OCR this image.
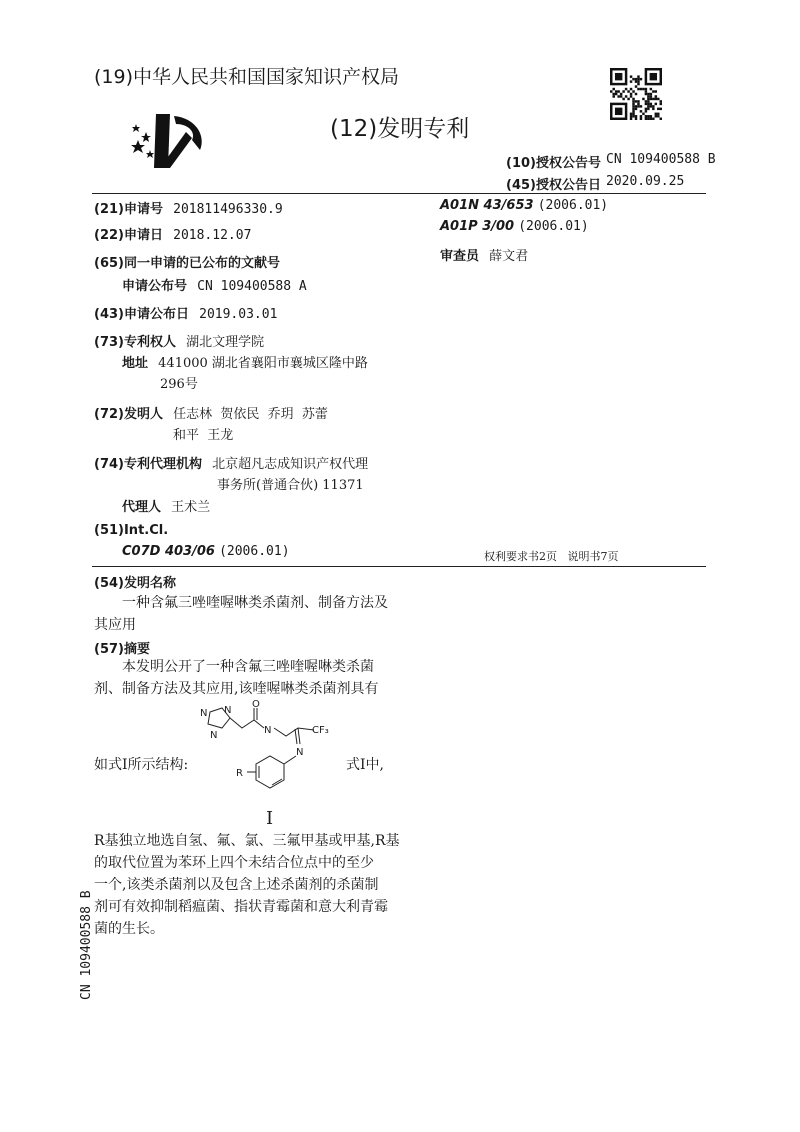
(19)中华人民共和国国家知识产权局
(12)发明专利
(10)授权公告号 CN 109400588 B
(45)授权公告日 2020.09.25
(21)申请号 201811496330.9
(22)申请日 2018.12.07
(65)同一申请的已公布的文献号
申请公布号 CN 109400588 A
(43)申请公布日 2019.03.01
(73)专利权人 湖北文理学院
地址 441000 湖北省襄阳市襄城区隆中路
296号
(72)发明人 任志林  贺依民  乔玥  苏蕾
和平  王龙
(74)专利代理机构 北京超凡志成知识产权代理
事务所(普通合伙) 11371
代理人 王术兰
(51)Int.Cl.
C07D 403/06 (2006.01)
A01N 43/653 (2006.01)
A01P 3/00 (2006.01)
审查员 薛文君
权利要求书2页   说明书7页
(54)发明名称
一种含氟三唑喹喔啉类杀菌剂、制备方法及
其应用
(57)摘要
本发明公开了一种含氟三唑喹喔啉类杀菌
剂、制备方法及其应用,该喹喔啉类杀菌剂具有
如式I所示结构:	式I中,
N N
N
O
N	CF₃
N
R
I
R基独立地选自氢、氟、氯、三氟甲基或甲基,R基
的取代位置为苯环上四个未结合位点中的至少
一个,该类杀菌剂以及包含上述杀菌剂的杀菌制
剂可有效抑制稻瘟菌、指状青霉菌和意大利青霉
菌的生长。
CN 109400588 B
